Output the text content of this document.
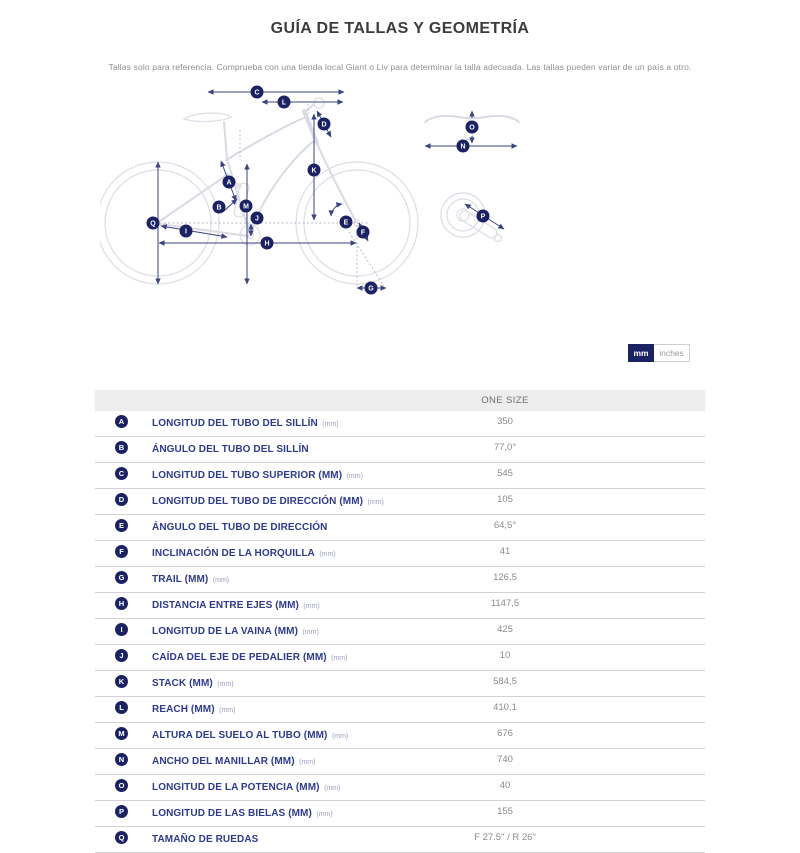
GUÍA DE TALLAS Y GEOMETRÍA

Tallas solo para referencia. Comprueba con una tienda local Giant o Liv para determinar la talla adecuada. Las tallas pueden variar de un país a otro.

C
L
D
K
A
M
B
J
Q
I
H
E
F
G
O
N
P
mm	inches
	ONE SIZE	
A LONGITUD DEL TUBO DEL SILLÍN (mm)	350	
B ÁNGULO DEL TUBO DEL SILLÍN	77,0°	
C LONGITUD DEL TUBO SUPERIOR (MM) (mm)	545	
D LONGITUD DEL TUBO DE DIRECCIÓN (MM) (mm)	105	
E ÁNGULO DEL TUBO DE DIRECCIÓN	64,5°	
F INCLINACIÓN DE LA HORQUILLA (mm)	41	
G TRAIL (MM) (mm)	126,5	
H DISTANCIA ENTRE EJES (MM) (mm)	1147,5	
I LONGITUD DE LA VAINA (MM) (mm)	425	
J CAÍDA DEL EJE DE PEDALIER (MM) (mm)	10	
K STACK (MM) (mm)	584,5	
L REACH (MM) (mm)	410,1	
M ALTURA DEL SUELO AL TUBO (MM) (mm)	676	
N ANCHO DEL MANILLAR (MM) (mm)	740	
O LONGITUD DE LA POTENCIA (MM) (mm)	40	
P LONGITUD DE LAS BIELAS (MM) (mm)	155	
Q TAMAÑO DE RUEDAS	F 27.5" / R 26"	
